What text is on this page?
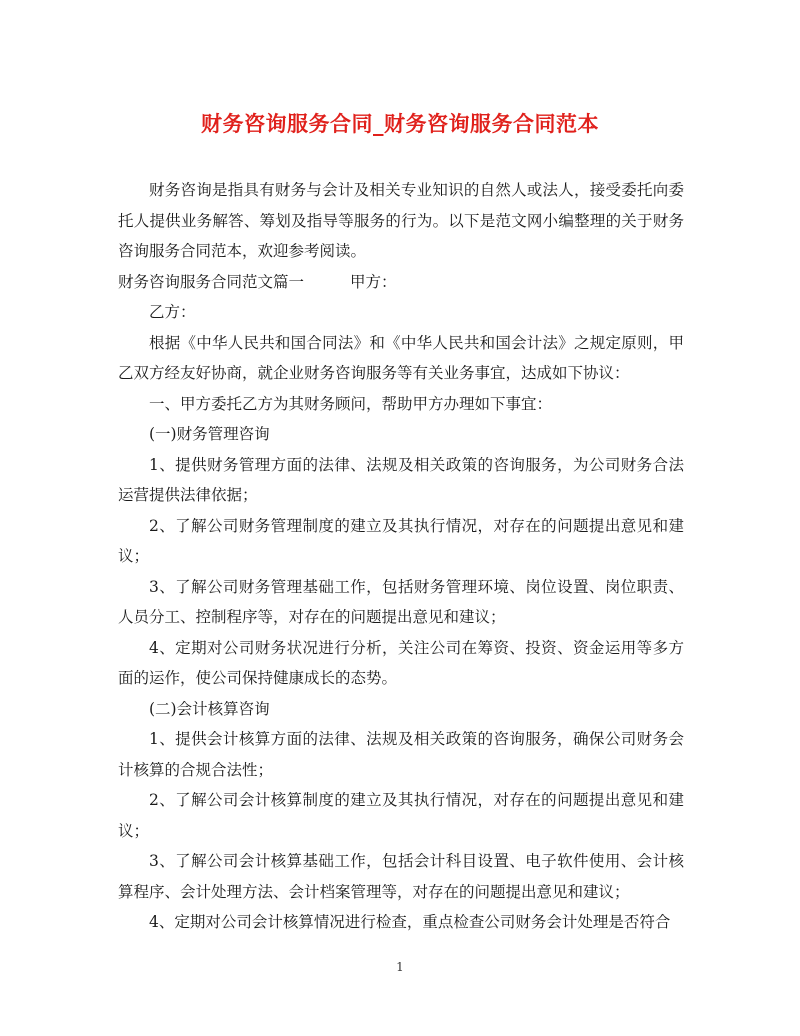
财务咨询服务合同_财务咨询服务合同范本

财务咨询是指具有财务与会计及相关专业知识的自然人或法人，接受委托向委托人提供业务解答、筹划及指导等服务的行为。以下是范文网小编整理的关于财务咨询服务合同范本，欢迎参考阅读。

财务咨询服务合同范文篇一	甲方：

乙方：

根据《中华人民共和国合同法》和《中华人民共和国会计法》之规定原则，甲乙双方经友好协商，就企业财务咨询服务等有关业务事宜，达成如下协议：

一、甲方委托乙方为其财务顾问，帮助甲方办理如下事宜：

(一)财务管理咨询

1、提供财务管理方面的法律、法规及相关政策的咨询服务，为公司财务合法运营提供法律依据；

2、了解公司财务管理制度的建立及其执行情况，对存在的问题提出意见和建议；

3、了解公司财务管理基础工作，包括财务管理环境、岗位设置、岗位职责、人员分工、控制程序等，对存在的问题提出意见和建议；

4、定期对公司财务状况进行分析，关注公司在筹资、投资、资金运用等多方面的运作，使公司保持健康成长的态势。

(二)会计核算咨询

1、提供会计核算方面的法律、法规及相关政策的咨询服务，确保公司财务会计核算的合规合法性；

2、了解公司会计核算制度的建立及其执行情况，对存在的问题提出意见和建议；

3、了解公司会计核算基础工作，包括会计科目设置、电子软件使用、会计核算程序、会计处理方法、会计档案管理等，对存在的问题提出意见和建议；

4、定期对公司会计核算情况进行检查，重点检查公司财务会计处理是否符合

1
